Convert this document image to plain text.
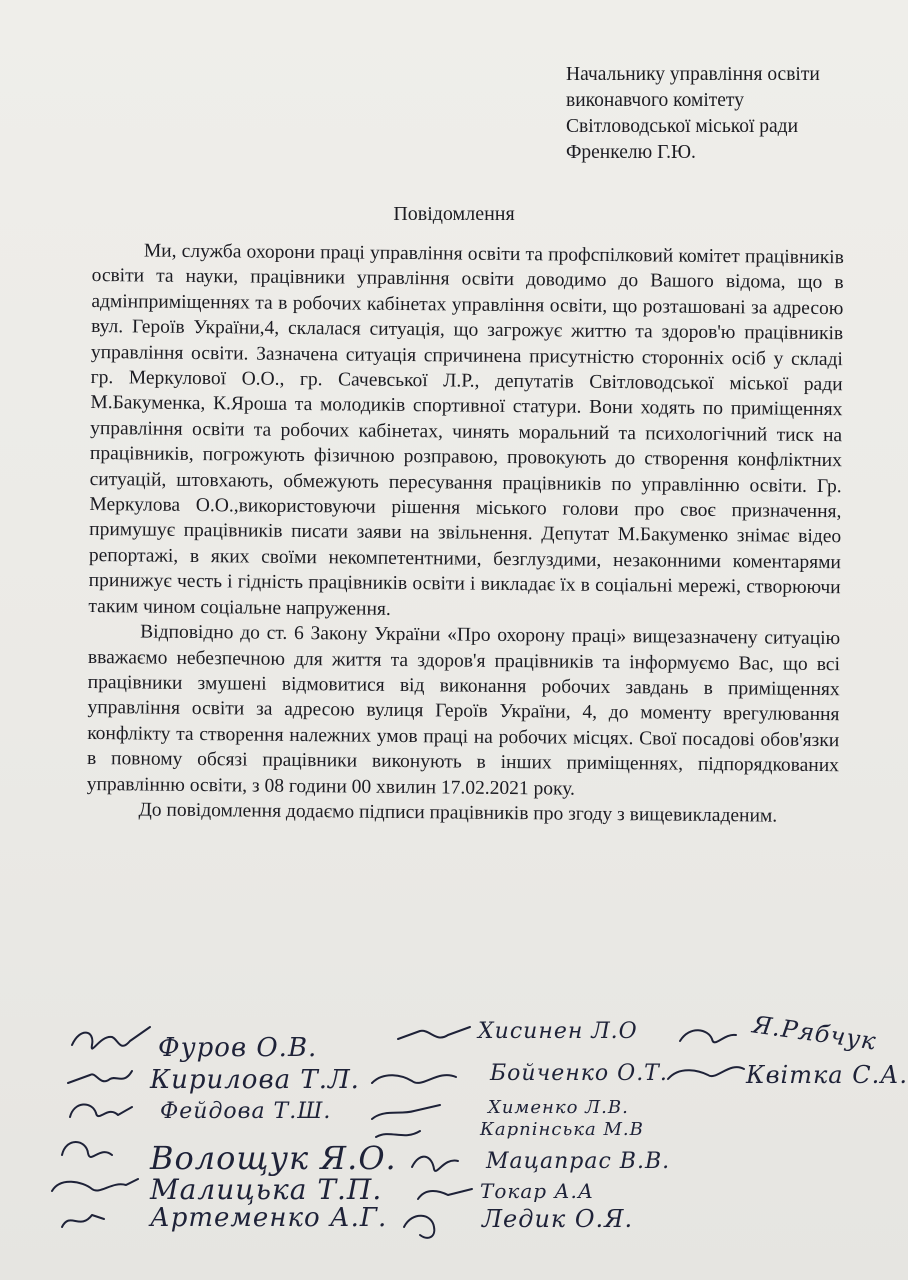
Начальнику управління освіти
виконавчого комітету
Світловодської міської ради
Френкелю Г.Ю.
Повідомлення

Ми, служба охорони праці управління освіти та профспілковий комітет працівників освіти та науки, працівники управління освіти доводимо до Вашого відома, що в адмінприміщеннях та в робочих кабінетах управління освіти, що розташовані за адресою вул. Героїв України,4, склалася ситуація, що загрожує життю та здоров'ю працівників управління освіти. Зазначена ситуація спричинена присутністю сторонніх осіб у складі гр. Меркулової О.О., гр. Сачевської Л.Р., депутатів Світловодської міської ради М.Бакуменка, К.Яроша та молодиків спортивної статури. Вони ходять по приміщеннях управління освіти та робочих кабінетах, чинять моральний та психологічний тиск на працівників, погрожують фізичною розправою, провокують до створення конфліктних ситуацій, штовхають, обмежують пересування працівників по управлінню освіти. Гр. Меркулова О.О.,використовуючи рішення міського голови про своє призначення, примушує працівників писати заяви на звільнення. Депутат М.Бакуменко знімає відео репортажі, в яких своїми некомпетентними, безглуздими, незаконними коментарями принижує честь і гідність працівників освіти і викладає їх в соціальні мережі, створюючи таким чином соціальне напруження.

Відповідно до ст. 6 Закону України «Про охорону праці» вищезазначену ситуацію вважаємо небезпечною для життя та здоров'я працівників та інформуємо Вас, що всі працівники змушені відмовитися від виконання робочих завдань в приміщеннях управління освіти за адресою вулиця Героїв України, 4, до моменту врегулювання конфлікту та створення належних умов праці на робочих місцях. Свої посадові обов'язки в повному обсязі працівники виконують в інших приміщеннях, підпорядкованих управлінню освіти, з 08 години 00 хвилин 17.02.2021 року.

До повідомлення додаємо підписи працівників про згоду з вищевикладеним.

Фуров О.В.
Хисинен Л.О	Я.Рябчук
Кирилова Т.Л.	Бойченко О.Т.	Квітка С.А.
Фейдова Т.Ш.	Хименко Л.В.
Карпінська М.В
Волощук Я.О.	Мацапрас В.В.
Малицька Т.П.	Токар А.А
Артеменко А.Г.	Ледик О.Я.
